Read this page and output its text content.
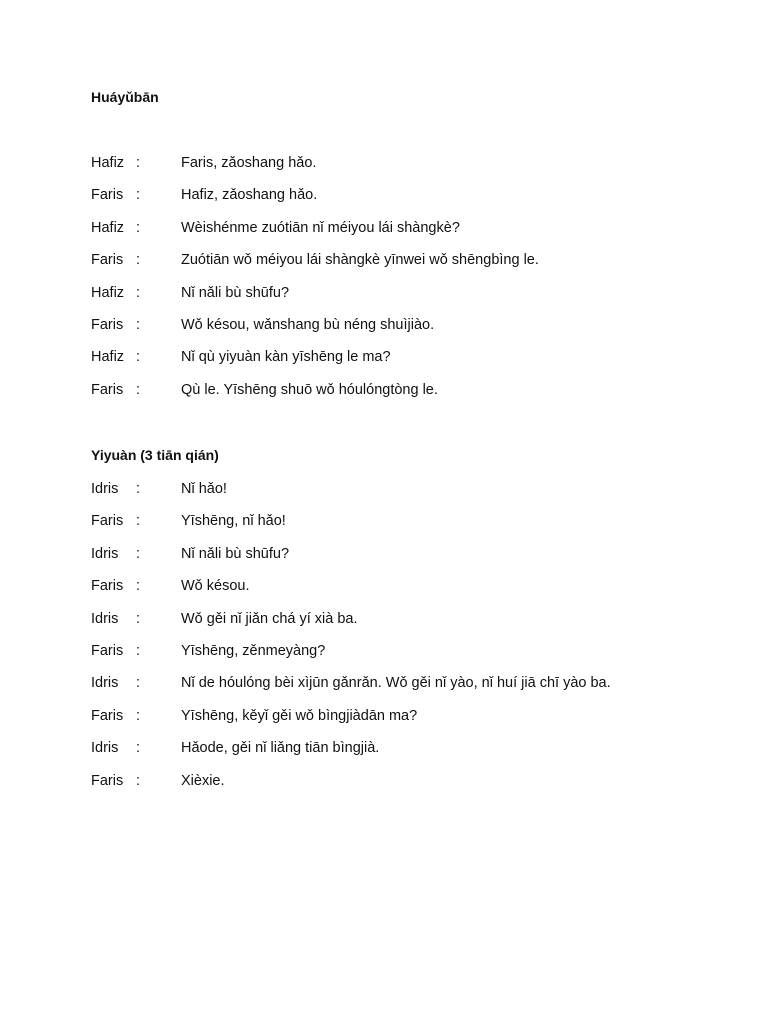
Huáyǔbān
Hafiz :	Faris, zǎoshang hǎo.
Faris :	Hafiz, zǎoshang hǎo.
Hafiz :	Wèishénme zuótiān nǐ méiyou lái shàngkè?
Faris :	Zuótiān wǒ méiyou lái shàngkè yīnwei wǒ shēngbìng le.
Hafiz :	Nǐ nǎli bù shūfu?
Faris :	Wǒ késou, wǎnshang bù néng shuìjiào.
Hafiz :	Nǐ qù yiyuàn kàn yīshēng le ma?
Faris :	Qù le. Yīshēng shuō wǒ hóulóngtòng le.
Yiyuàn (3 tiān qián)
Idris :	Nǐ hǎo!
Faris :	Yīshēng, nǐ hǎo!
Idris :	Nǐ nǎli bù shūfu?
Faris :	Wǒ késou.
Idris :	Wǒ gěi nǐ jiǎn chá yí xià ba.
Faris :	Yīshēng, zěnmeyàng?
Idris :	Nǐ de hóulóng bèi xìjūn gǎnrǎn. Wǒ gěi nǐ yào, nǐ huí jiā chī yào ba.
Faris :	Yīshēng, kěyǐ gěi wǒ bìngjiàdān ma?
Idris :	Hǎode, gěi nǐ liǎng tiān bìngjià.
Faris :	Xièxie.
